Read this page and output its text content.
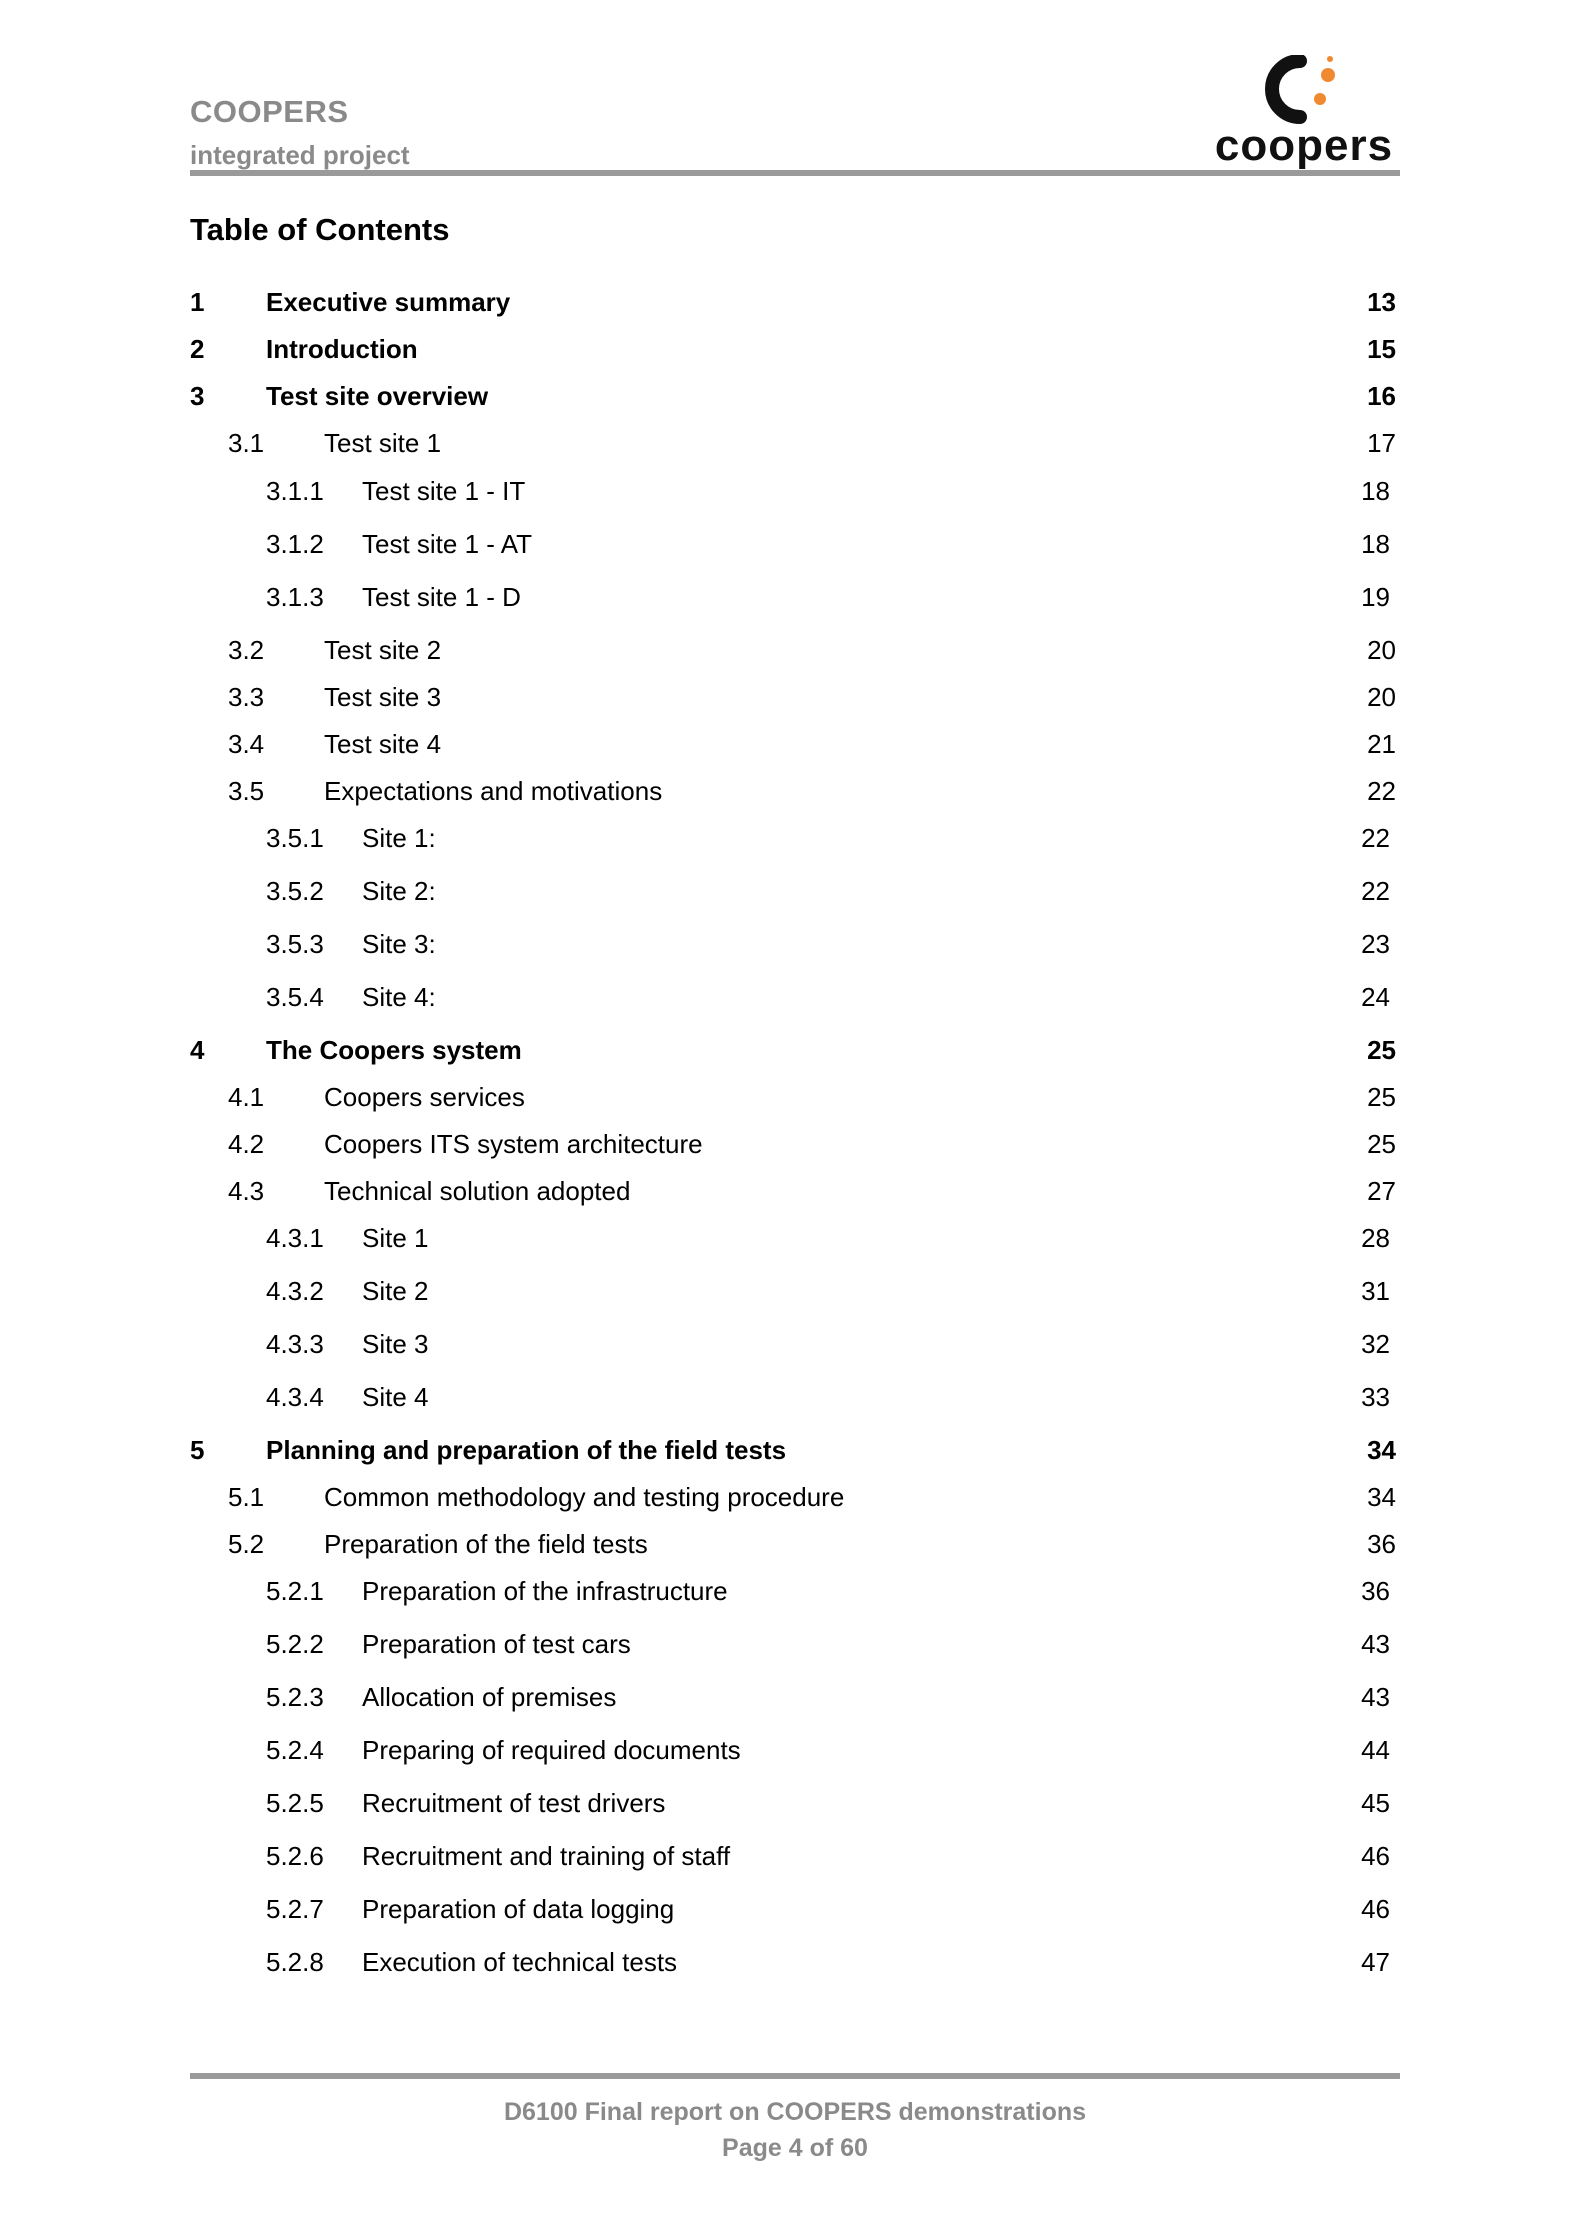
COOPERS
integrated project	coopers
Table of Contents
1 Executive summary	13
2 Introduction	15
3 Test site overview	16
3.1 Test site 1	17
3.1.1 Test site 1 - IT	18
3.1.2 Test site 1 - AT	18
3.1.3 Test site 1 - D	19
3.2 Test site 2	20
3.3 Test site 3	20
3.4 Test site 4	21
3.5 Expectations and motivations	22
3.5.1 Site 1:	22
3.5.2 Site 2:	22
3.5.3 Site 3:	23
3.5.4 Site 4:	24
4 The Coopers system	25
4.1 Coopers services	25
4.2 Coopers ITS system architecture	25
4.3 Technical solution adopted	27
4.3.1 Site 1	28
4.3.2 Site 2	31
4.3.3 Site 3	32
4.3.4 Site 4	33
5 Planning and preparation of the field tests	34
5.1 Common methodology and testing procedure	34
5.2 Preparation of the field tests	36
5.2.1 Preparation of the infrastructure	36
5.2.2 Preparation of test cars	43
5.2.3 Allocation of premises	43
5.2.4 Preparing of required documents	44
5.2.5 Recruitment of test drivers	45
5.2.6 Recruitment and training of staff	46
5.2.7 Preparation of data logging	46
5.2.8 Execution of technical tests	47
D6100 Final report on COOPERS demonstrations
Page 4 of 60
